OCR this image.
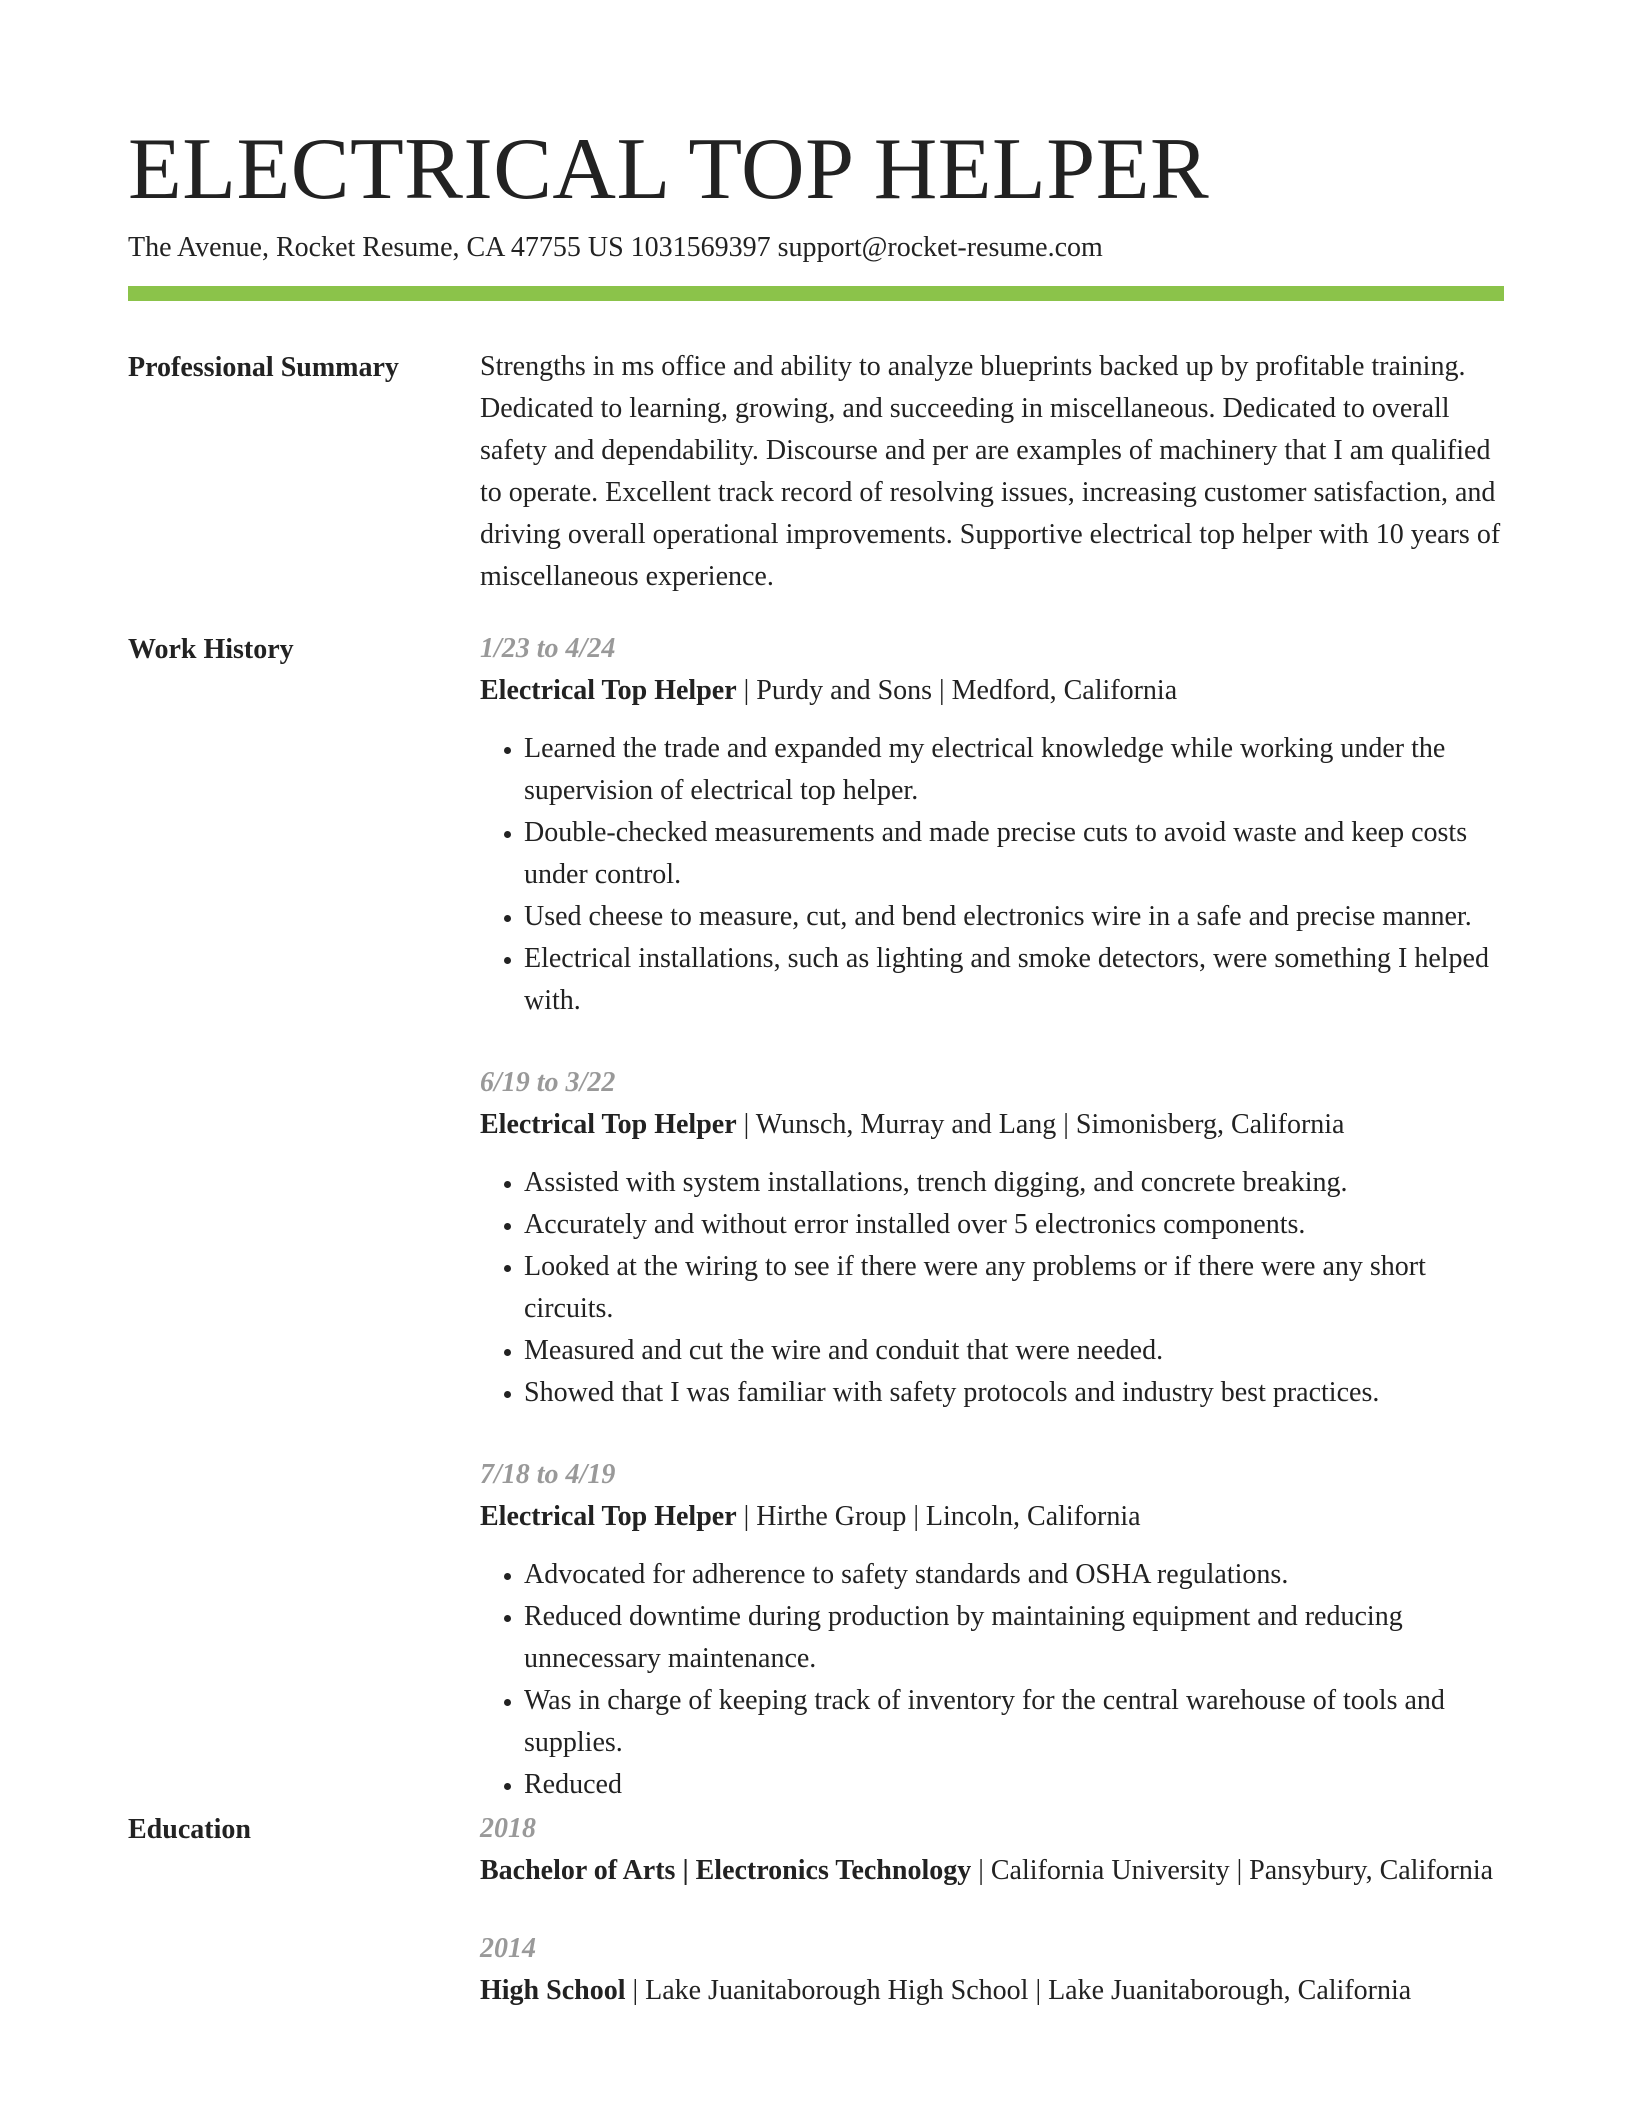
ELECTRICAL TOP HELPER
The Avenue, Rocket Resume, CA 47755 US 1031569397 support@rocket-resume.com
Professional Summary	Strengths in ms office and ability to analyze blueprints backed up by profitable training. Dedicated to learning, growing, and succeeding in miscellaneous. Dedicated to overall safety and dependability. Discourse and per are examples of machinery that I am qualified to operate. Excellent track record of resolving issues, increasing customer satisfaction, and driving overall operational improvements. Supportive electrical top helper with 10 years of miscellaneous experience.

Work History	1/23 to 4/24
Electrical Top Helper | Purdy and Sons | Medford, California
• Learned the trade and expanded my electrical knowledge while working under the supervision of electrical top helper.
• Double-checked measurements and made precise cuts to avoid waste and keep costs under control.
• Used cheese to measure, cut, and bend electronics wire in a safe and precise manner.
• Electrical installations, such as lighting and smoke detectors, were something I helped with.
6/19 to 3/22
Electrical Top Helper | Wunsch, Murray and Lang | Simonisberg, California
• Assisted with system installations, trench digging, and concrete breaking.
• Accurately and without error installed over 5 electronics components.
• Looked at the wiring to see if there were any problems or if there were any short circuits.
• Measured and cut the wire and conduit that were needed.
• Showed that I was familiar with safety protocols and industry best practices.
7/18 to 4/19
Electrical Top Helper | Hirthe Group | Lincoln, California
• Advocated for adherence to safety standards and OSHA regulations.
• Reduced downtime during production by maintaining equipment and reducing unnecessary maintenance.
• Was in charge of keeping track of inventory for the central warehouse of tools and supplies.
• Reduced
Education	2018
Bachelor of Arts | Electronics Technology | California University | Pansybury, California
2014
High School | Lake Juanitaborough High School | Lake Juanitaborough, California
